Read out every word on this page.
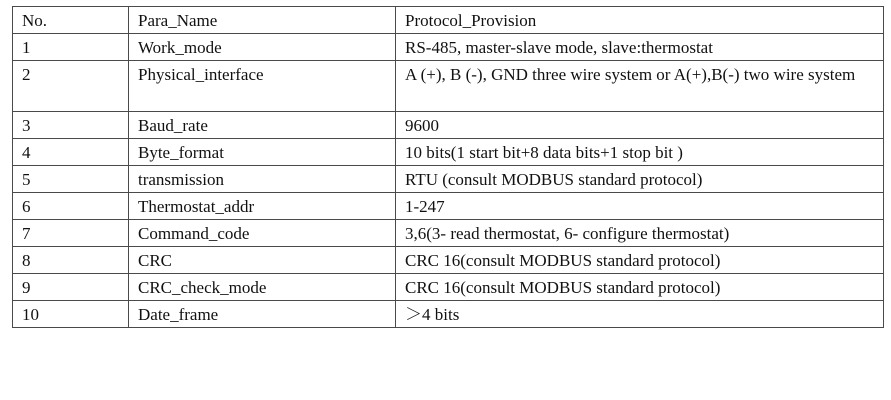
No.	Para_Name	Protocol_Provision
1	Work_mode	RS-485, master-slave mode, slave:thermostat
2	Physical_interface	A (+), B (-), GND three wire system or A(+),B(-) two wire system
3	Baud_rate	9600
4	Byte_format	10 bits(1 start bit+8 data bits+1 stop bit )
5	transmission	RTU (consult MODBUS standard protocol)
6	Thermostat_addr	1-247
7	Command_code	3,6(3- read thermostat, 6- configure thermostat)
8	CRC	CRC 16(consult MODBUS standard protocol)
9	CRC_check_mode	CRC 16(consult MODBUS standard protocol)
10	Date_frame	＞4 bits
